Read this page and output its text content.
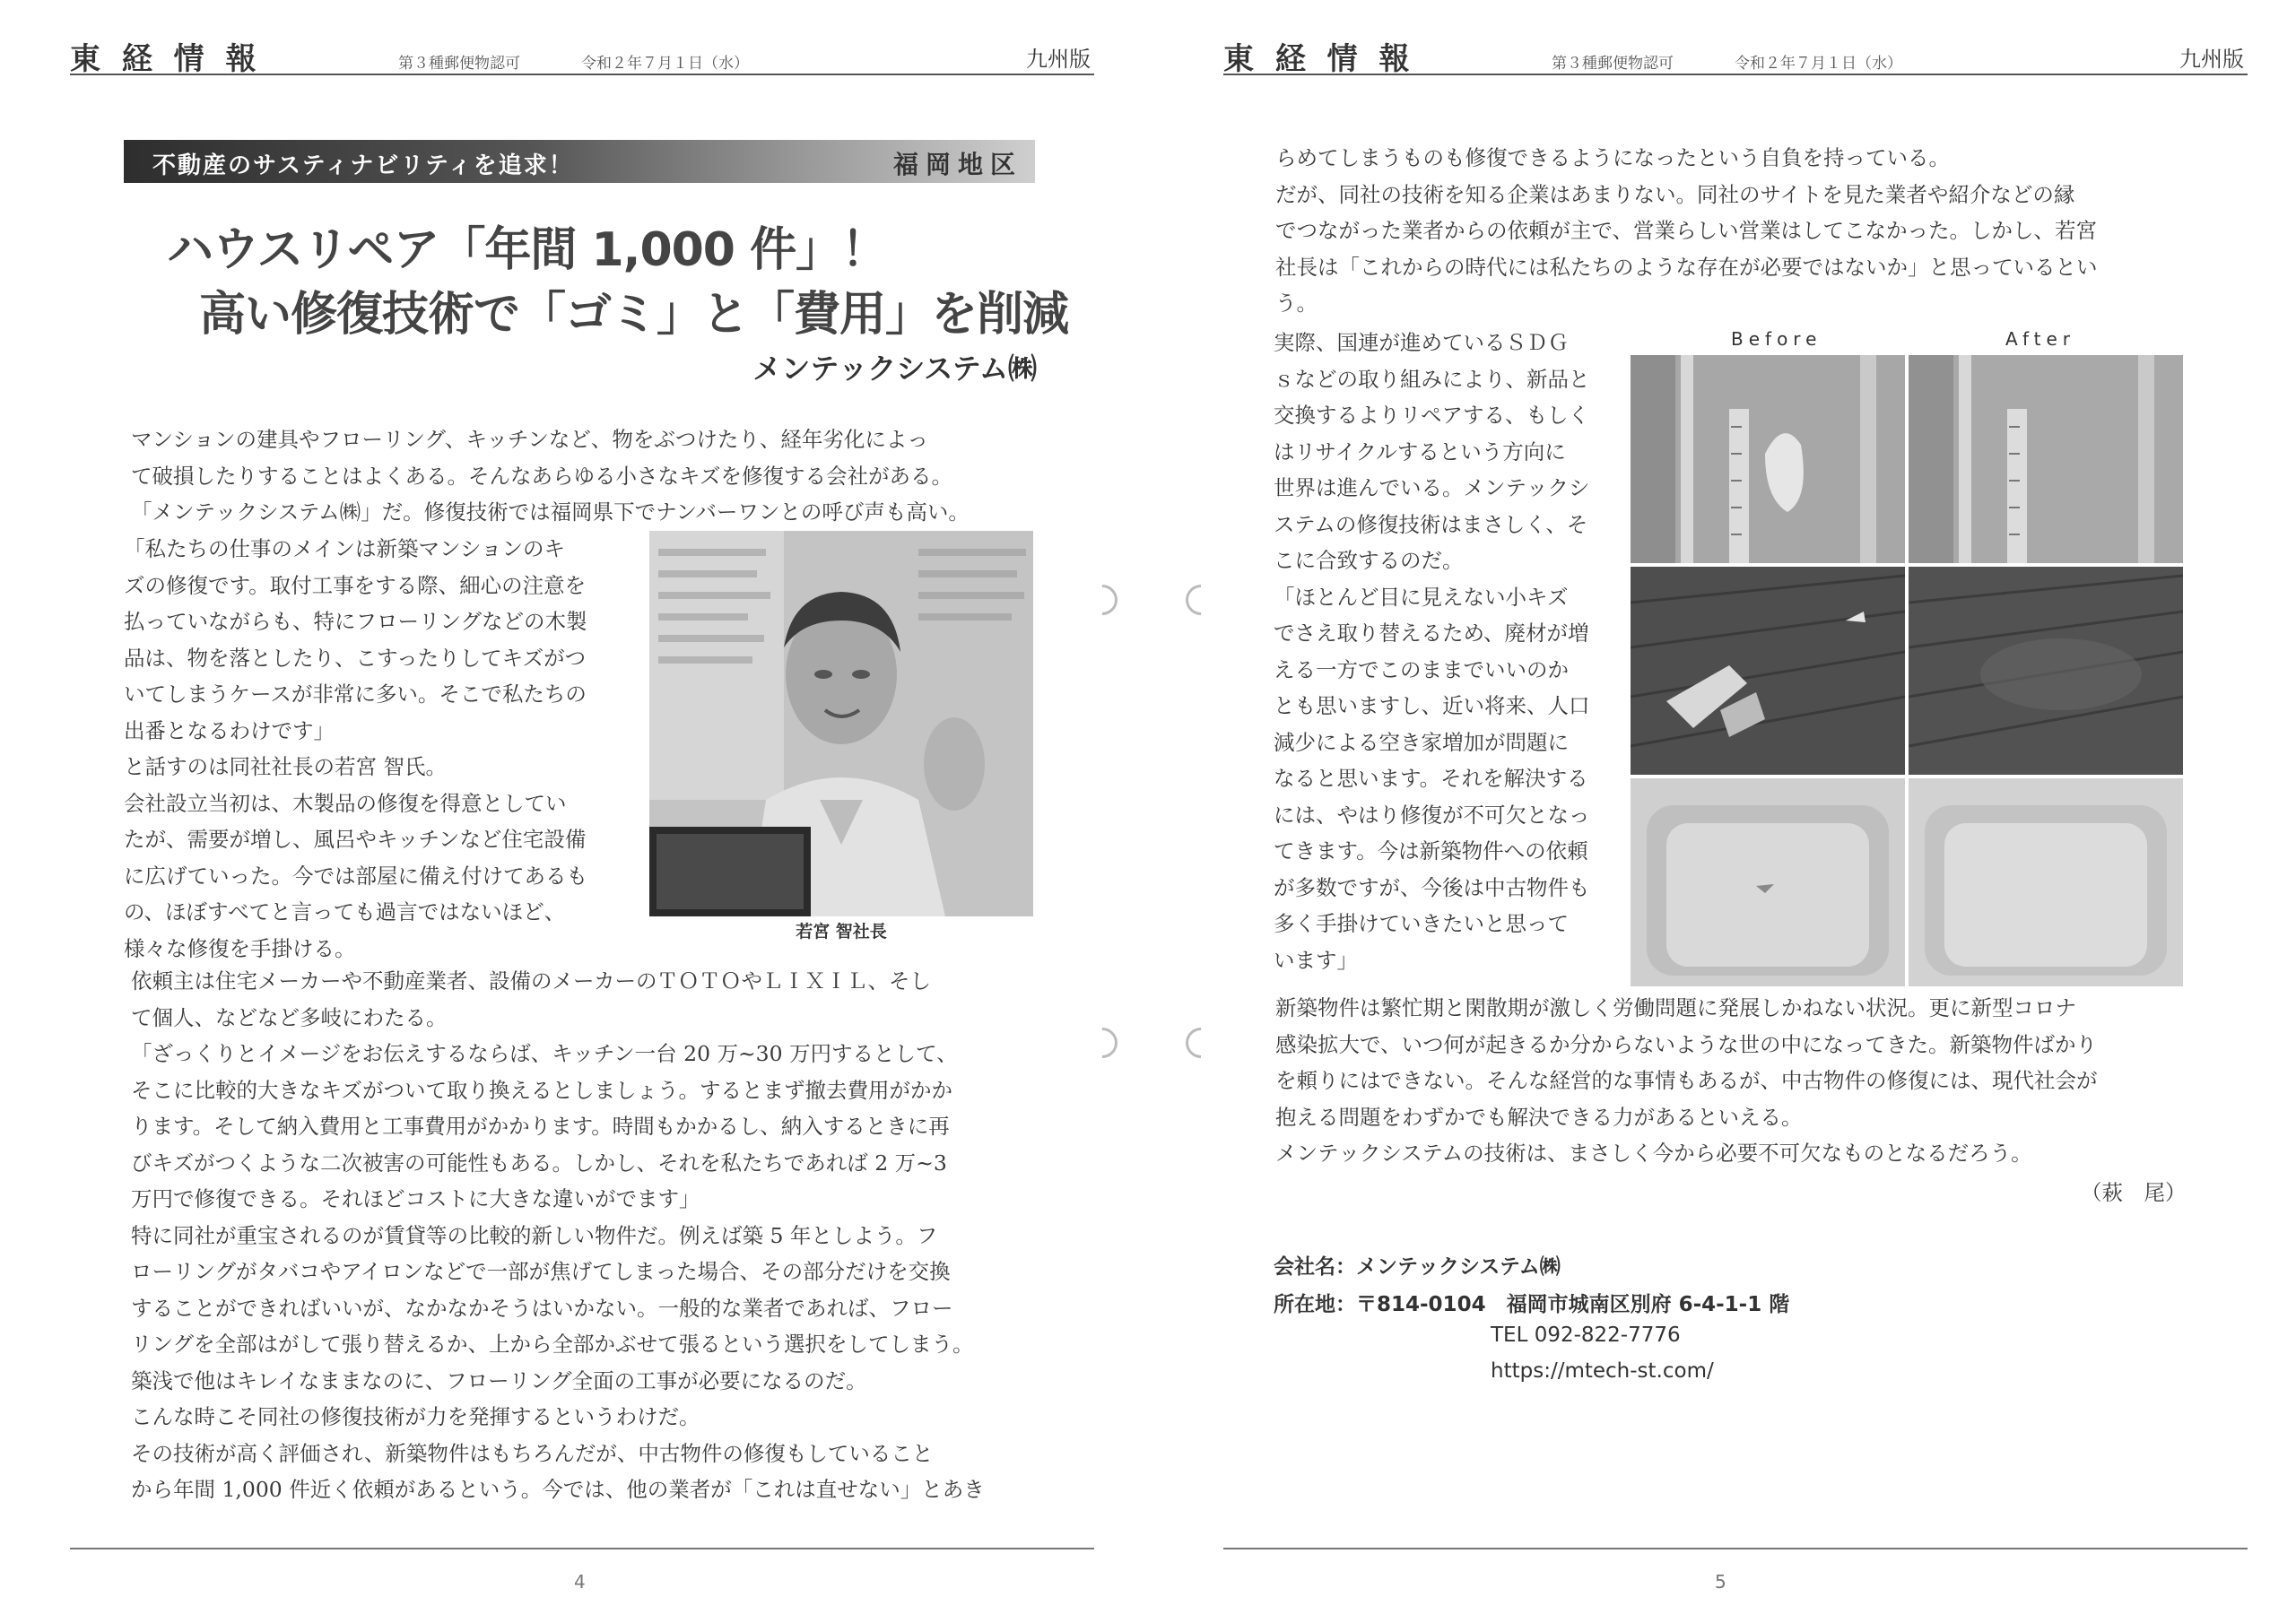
東 経 情 報	第３種郵便物認可	令和２年７月１日（水）	九州版
不動産のサスティナビリティを追求！	福岡地区
ハウスリペア「年間 1,000 件」！
高い修復技術で「ゴミ」と「費用」を削減
メンテックシステム㈱
マンションの建具やフローリング、キッチンなど、物をぶつけたり、経年劣化によっ
て破損したりすることはよくある。そんなあらゆる小さなキズを修復する会社がある。
「メンテックシステム㈱」だ。修復技術では福岡県下でナンバーワンとの呼び声も高い。
「私たちの仕事のメインは新築マンションのキ
ズの修復です。取付工事をする際、細心の注意を
払っていながらも、特にフローリングなどの木製
品は、物を落としたり、こすったりしてキズがつ
いてしまうケースが非常に多い。そこで私たちの
出番となるわけです」
と話すのは同社社長の若宮 智氏。
会社設立当初は、木製品の修復を得意としてい
たが、需要が増し、風呂やキッチンなど住宅設備
に広げていった。今では部屋に備え付けてあるも
の、ほぼすべてと言っても過言ではないほど、
様々な修復を手掛ける。
若宮 智社長
依頼主は住宅メーカーや不動産業者、設備のメーカーのＴＯＴＯやＬＩＸＩＬ、そし
て個人、などなど多岐にわたる。
「ざっくりとイメージをお伝えするならば、キッチン一台 20 万~30 万円するとして、
そこに比較的大きなキズがついて取り換えるとしましょう。するとまず撤去費用がかか
ります。そして納入費用と工事費用がかかります。時間もかかるし、納入するときに再
びキズがつくような二次被害の可能性もある。しかし、それを私たちであれば 2 万~3
万円で修復できる。それほどコストに大きな違いがでます」
特に同社が重宝されるのが賃貸等の比較的新しい物件だ。例えば築 5 年としよう。フ
ローリングがタバコやアイロンなどで一部が焦げてしまった場合、その部分だけを交換
することができればいいが、なかなかそうはいかない。一般的な業者であれば、フロー
リングを全部はがして張り替えるか、上から全部かぶせて張るという選択をしてしまう。
築浅で他はキレイなままなのに、フローリング全面の工事が必要になるのだ。
こんな時こそ同社の修復技術が力を発揮するというわけだ。
その技術が高く評価され、新築物件はもちろんだが、中古物件の修復もしていること
から年間 1,000 件近く依頼があるという。今では、他の業者が「これは直せない」とあき
4
東 経 情 報	第３種郵便物認可	令和２年７月１日（水）	九州版
らめてしまうものも修復できるようになったという自負を持っている。
だが、同社の技術を知る企業はあまりない。同社のサイトを見た業者や紹介などの縁
でつながった業者からの依頼が主で、営業らしい営業はしてこなかった。しかし、若宮
社長は「これからの時代には私たちのような存在が必要ではないか」と思っているとい
う。
実際、国連が進めているＳＤＧ
ｓなどの取り組みにより、新品と
交換するよりリペアする、もしく
はリサイクルするという方向に
世界は進んでいる。メンテックシ
ステムの修復技術はまさしく、そ
こに合致するのだ。
「ほとんど目に見えない小キズ
でさえ取り替えるため、廃材が増
える一方でこのままでいいのか
とも思いますし、近い将来、人口
減少による空き家増加が問題に
なると思います。それを解決する
には、やはり修復が不可欠となっ
てきます。今は新築物件への依頼
が多数ですが、今後は中古物件も
多く手掛けていきたいと思って
います」
Before	After
新築物件は繁忙期と閑散期が激しく労働問題に発展しかねない状況。更に新型コロナ
感染拡大で、いつ何が起きるか分からないような世の中になってきた。新築物件ばかり
を頼りにはできない。そんな経営的な事情もあるが、中古物件の修復には、現代社会が
抱える問題をわずかでも解決できる力があるといえる。
メンテックシステムの技術は、まさしく今から必要不可欠なものとなるだろう。
（萩　尾）
会社名：メンテックシステム㈱
所在地：〒814-0104　福岡市城南区別府 6-4-1-1 階
TEL 092-822-7776
https://mtech-st.com/
5
